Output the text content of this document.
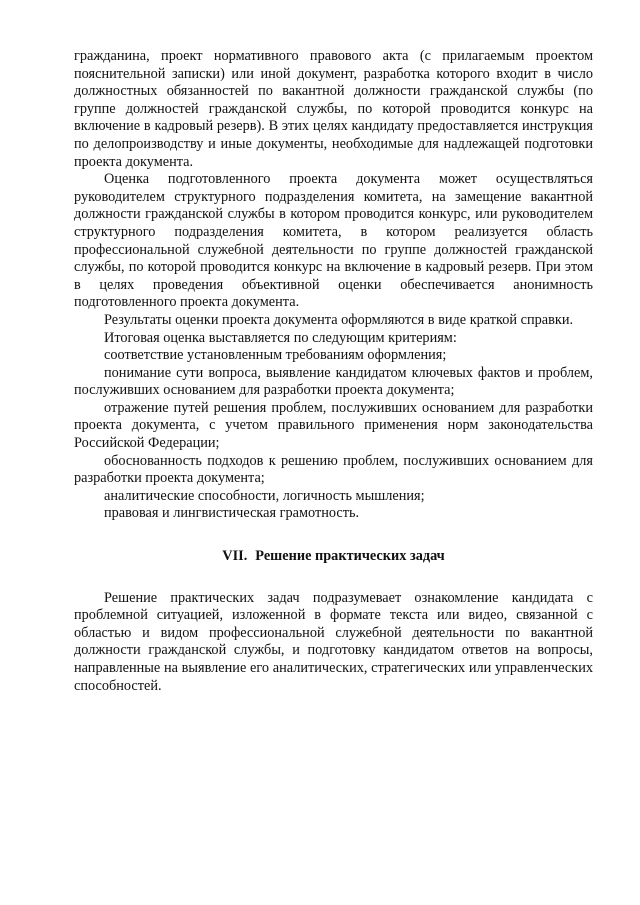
гражданина, проект нормативного правового акта (с прилагаемым проектом пояснительной записки) или иной документ, разработка которого входит в число должностных обязанностей по вакантной должности гражданской службы (по группе должностей гражданской службы, по которой проводится конкурс на включение в кадровый резерв). В этих целях кандидату предоставляется инструкция по делопроизводству и иные документы, необходимые для надлежащей подготовки проекта документа.

Оценка подготовленного проекта документа может осуществляться руководителем структурного подразделения комитета, на замещение вакантной должности гражданской службы в котором проводится конкурс, или руководителем структурного подразделения комитета, в котором реализуется область профессиональной служебной деятельности по группе должностей гражданской службы, по которой проводится конкурс на включение в кадровый резерв. При этом в целях проведения объективной оценки обеспечивается анонимность подготовленного проекта документа.

Результаты оценки проекта документа оформляются в виде краткой справки.

Итоговая оценка выставляется по следующим критериям:

соответствие установленным требованиям оформления;

понимание сути вопроса, выявление кандидатом ключевых фактов и проблем, послуживших основанием для разработки проекта документа;

отражение путей решения проблем, послуживших основанием для разработки проекта документа, с учетом правильного применения норм законодательства Российской Федерации;

обоснованность подходов к решению проблем, послуживших основанием для разработки проекта документа;

аналитические способности, логичность мышления;

правовая и лингвистическая грамотность.

VII. Решение практических задач

Решение практических задач подразумевает ознакомление кандидата с проблемной ситуацией, изложенной в формате текста или видео, связанной с областью и видом профессиональной служебной деятельности по вакантной должности гражданской службы, и подготовку кандидатом ответов на вопросы, направленные на выявление его аналитических, стратегических или управленческих способностей.
